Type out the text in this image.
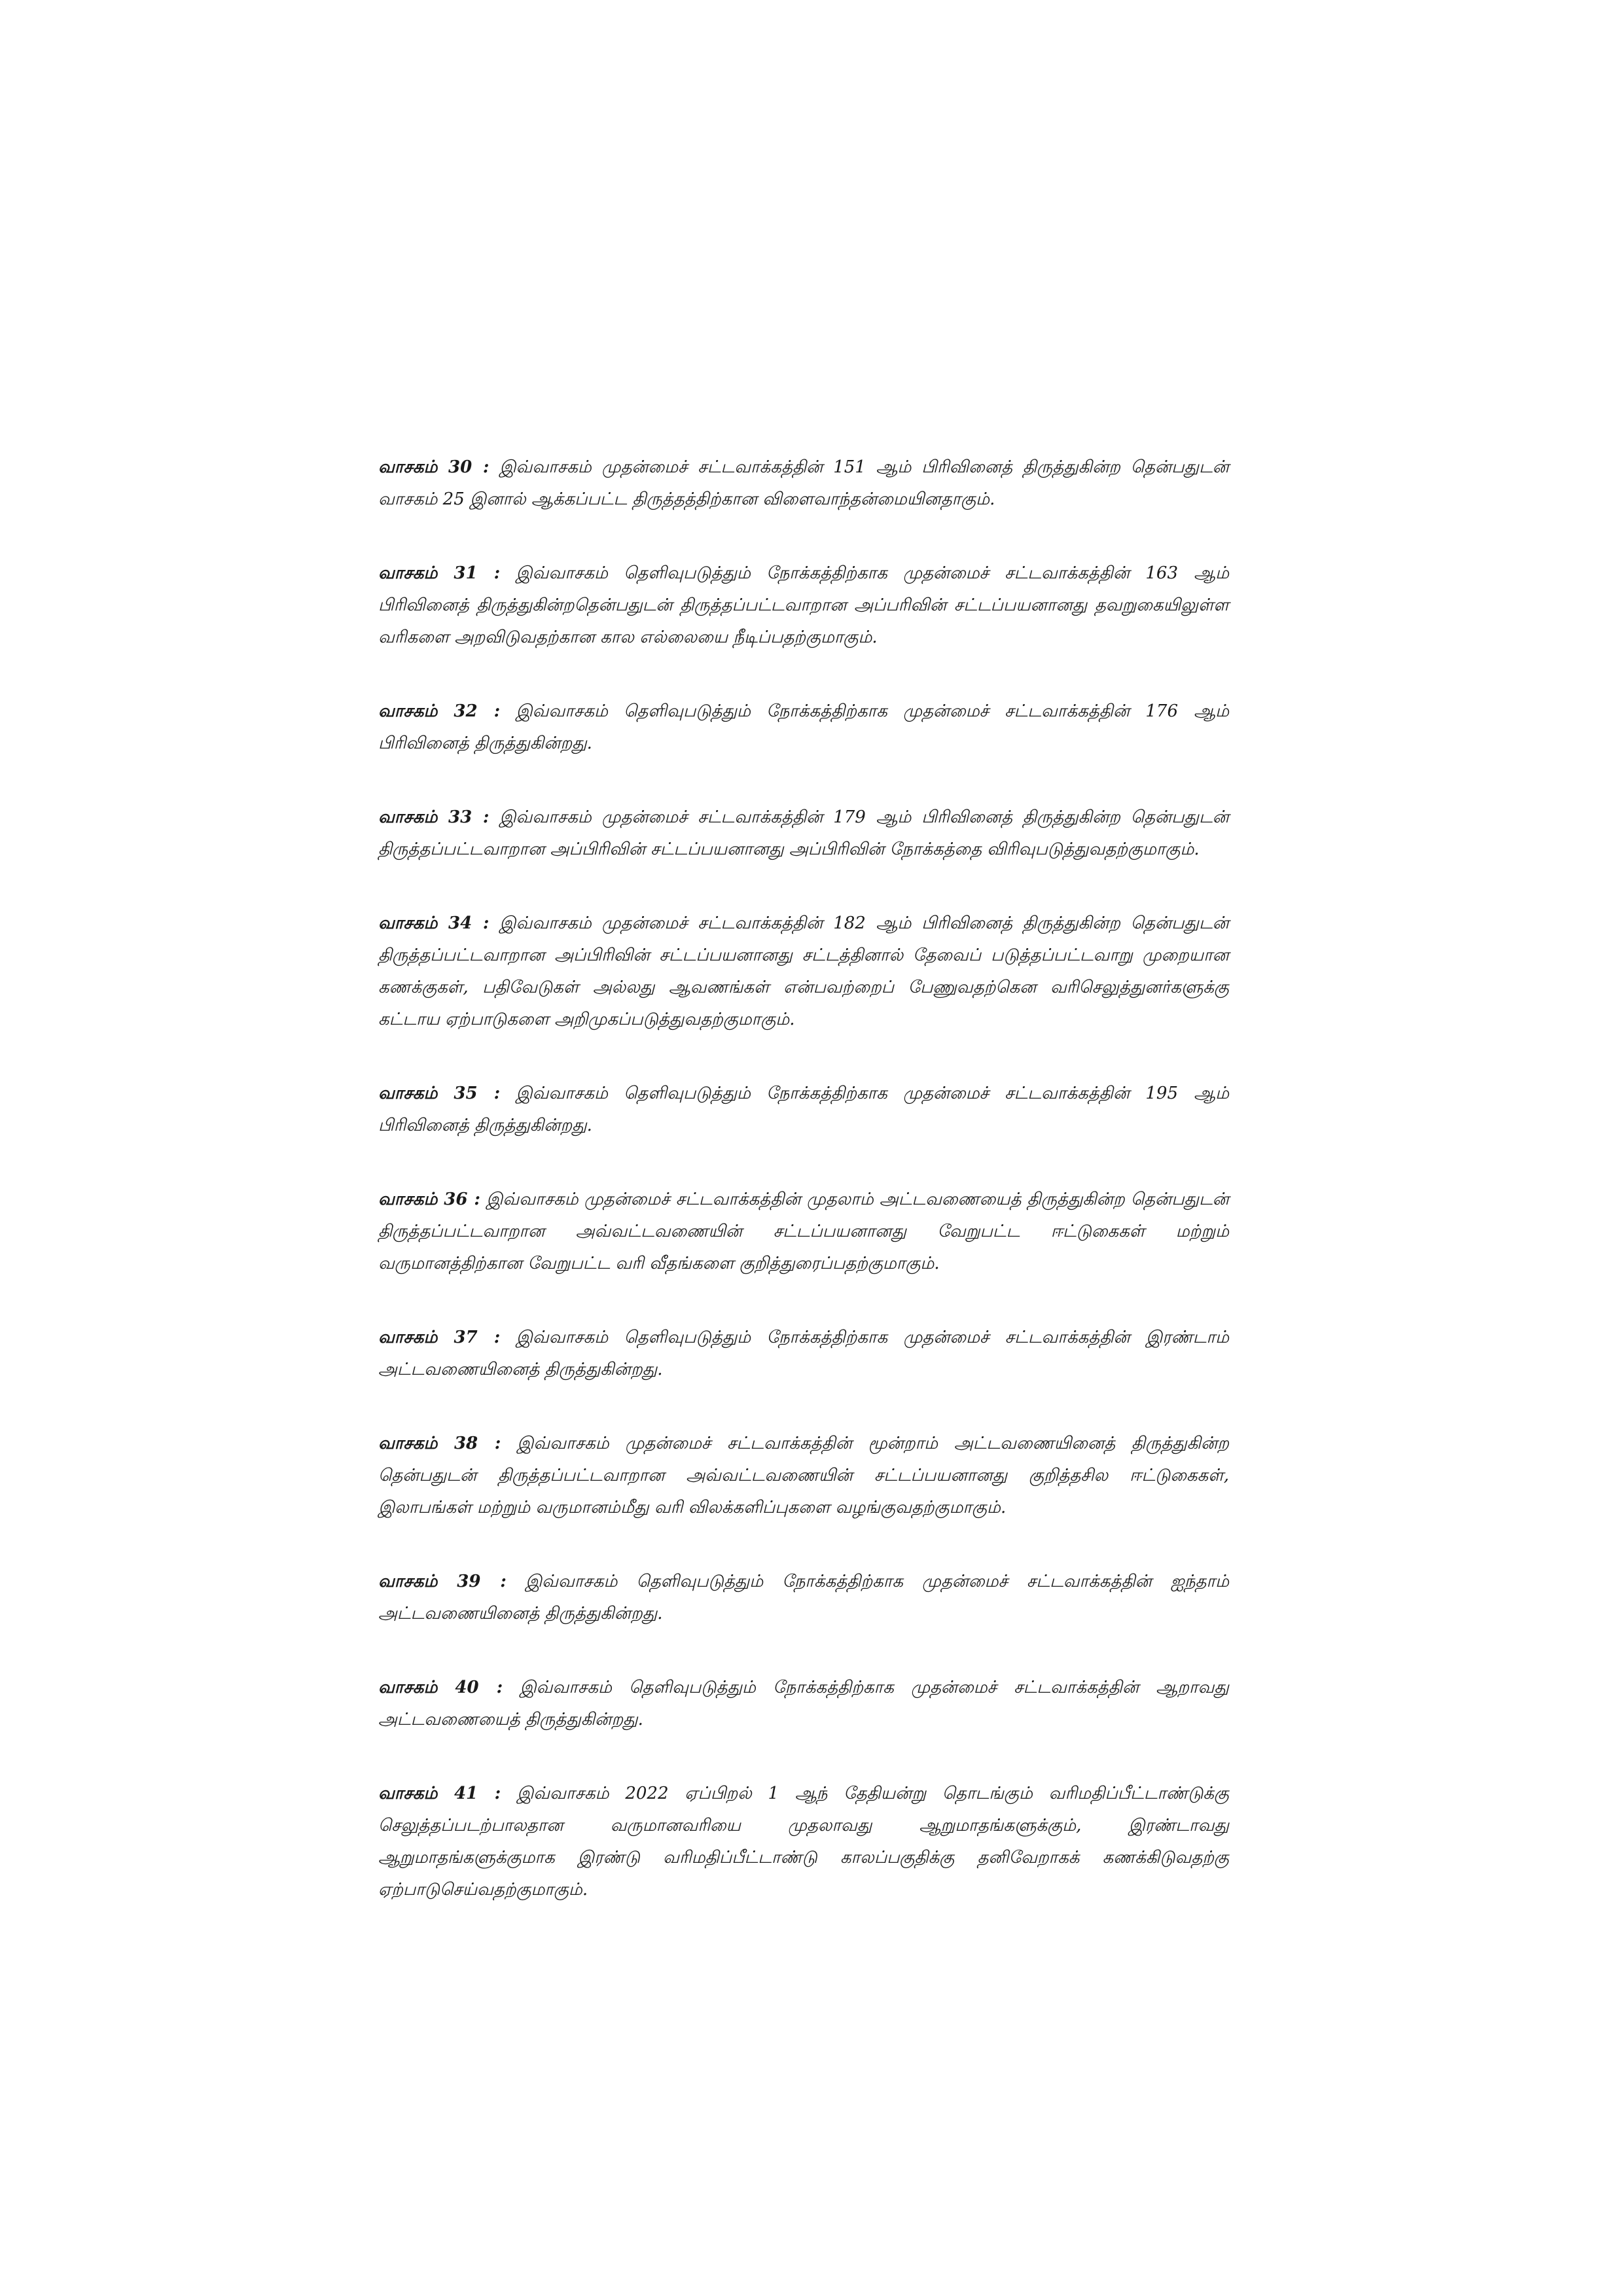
வாசகம் 30 : இவ்வாசகம் முதன்மைச் சட்டவாக்கத்தின் 151 ஆம் பிரிவினைத் திருத்துகின்ற தென்பதுடன் வாசகம் 25 இனால் ஆக்கப்பட்ட திருத்தத்திற்கான விளைவாந்தன்மையினதாகும்.

வாசகம் 31 : இவ்வாசகம் தெளிவுபடுத்தும் நோக்கத்திற்காக முதன்மைச் சட்டவாக்கத்தின் 163 ஆம் பிரிவினைத் திருத்துகின்றதென்பதுடன் திருத்தப்பட்டவாறான அப்பரிவின் சட்டப்பயனானது தவறுகையிலுள்ள வரிகளை அறவிடுவதற்கான கால எல்லையை நீடிப்பதற்குமாகும்.

வாசகம் 32 : இவ்வாசகம் தெளிவுபடுத்தும் நோக்கத்திற்காக முதன்மைச் சட்டவாக்கத்தின் 176 ஆம் பிரிவினைத் திருத்துகின்றது.

வாசகம் 33 : இவ்வாசகம் முதன்மைச் சட்டவாக்கத்தின் 179 ஆம் பிரிவினைத் திருத்துகின்ற தென்பதுடன் திருத்தப்பட்டவாறான அப்பிரிவின் சட்டப்பயனானது அப்பிரிவின் நோக்கத்தை விரிவுபடுத்துவதற்குமாகும்.

வாசகம் 34 : இவ்வாசகம் முதன்மைச் சட்டவாக்கத்தின் 182 ஆம் பிரிவினைத் திருத்துகின்ற தென்பதுடன் திருத்தப்பட்டவாறான அப்பிரிவின் சட்டப்பயனானது சட்டத்தினால் தேவைப் படுத்தப்பட்டவாறு முறையான கணக்குகள், பதிவேடுகள் அல்லது ஆவணங்கள் என்பவற்றைப் பேணுவதற்கென வரிசெலுத்துனர்களுக்கு கட்டாய ஏற்பாடுகளை அறிமுகப்படுத்துவதற்குமாகும்.

வாசகம் 35 : இவ்வாசகம் தெளிவுபடுத்தும் நோக்கத்திற்காக முதன்மைச் சட்டவாக்கத்தின் 195 ஆம் பிரிவினைத் திருத்துகின்றது.

வாசகம் 36 : இவ்வாசகம் முதன்மைச் சட்டவாக்கத்தின் முதலாம் அட்டவணையைத் திருத்துகின்ற தென்பதுடன் திருத்தப்பட்டவாறான அவ்வட்டவணையின் சட்டப்பயனானது வேறுபட்ட ஈட்டுகைகள் மற்றும் வருமானத்திற்கான வேறுபட்ட வரி வீதங்களை குறித்துரைப்பதற்குமாகும்.

வாசகம் 37 : இவ்வாசகம் தெளிவுபடுத்தும் நோக்கத்திற்காக முதன்மைச் சட்டவாக்கத்தின் இரண்டாம் அட்டவணையினைத் திருத்துகின்றது.

வாசகம் 38 : இவ்வாசகம் முதன்மைச் சட்டவாக்கத்தின் மூன்றாம் அட்டவணையினைத் திருத்துகின்ற தென்பதுடன் திருத்தப்பட்டவாறான அவ்வட்டவணையின் சட்டப்பயனானது குறித்தசில ஈட்டுகைகள், இலாபங்கள் மற்றும் வருமானம்மீது வரி விலக்களிப்புகளை வழங்குவதற்குமாகும்.

வாசகம் 39 : இவ்வாசகம் தெளிவுபடுத்தும் நோக்கத்திற்காக முதன்மைச் சட்டவாக்கத்தின் ஐந்தாம் அட்டவணையினைத் திருத்துகின்றது.

வாசகம் 40 : இவ்வாசகம் தெளிவுபடுத்தும் நோக்கத்திற்காக முதன்மைச் சட்டவாக்கத்தின் ஆறாவது அட்டவணையைத் திருத்துகின்றது.

வாசகம் 41 : இவ்வாசகம் 2022 ஏப்பிறல் 1 ஆந் தேதியன்று தொடங்கும் வரிமதிப்பீட்டாண்டுக்கு செலுத்தப்படற்பாலதான வருமானவரியை முதலாவது ஆறுமாதங்களுக்கும், இரண்டாவது ஆறுமாதங்களுக்குமாக இரண்டு வரிமதிப்பீட்டாண்டு காலப்பகுதிக்கு தனிவேறாகக் கணக்கிடுவதற்கு ஏற்பாடுசெய்வதற்குமாகும்.
